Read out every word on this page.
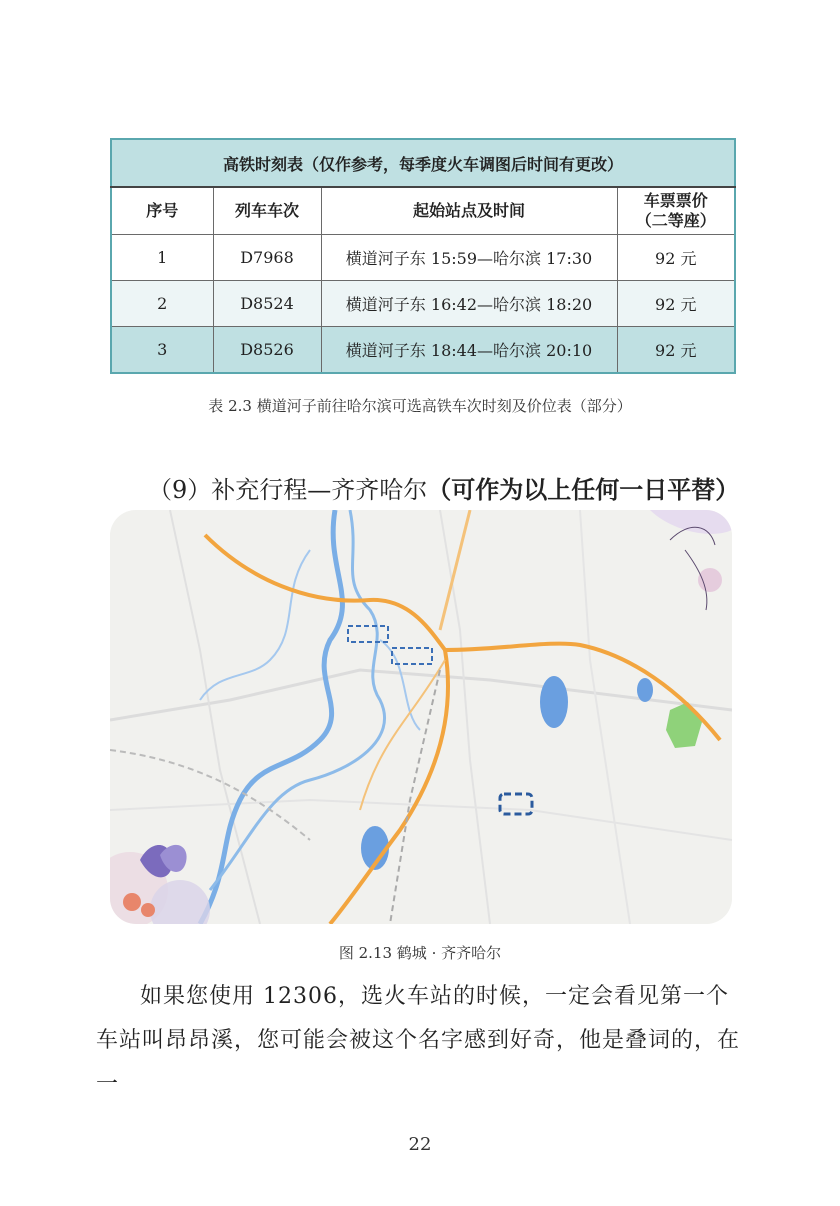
高铁时刻表（仅作参考，每季度火车调图后时间有更改）			
序号	列车车次	起始站点及时间	车票票价
（二等座）
1	D7968	横道河子东 15:59—哈尔滨 17:30	92 元
2	D8524	横道河子东 16:42—哈尔滨 18:20	92 元
3	D8526	横道河子东 18:44—哈尔滨 20:10	92 元
表 2.3 横道河子前往哈尔滨可选高铁车次时刻及价位表（部分）
（9）补充行程—齐齐哈尔（可作为以上任何一日平替）
图 2.13 鹤城 · 齐齐哈尔

如果您使用 12306，选火车站的时候，一定会看见第一个车站叫昂昂溪，您可能会被这个名字感到好奇，他是叠词的，在一

22
